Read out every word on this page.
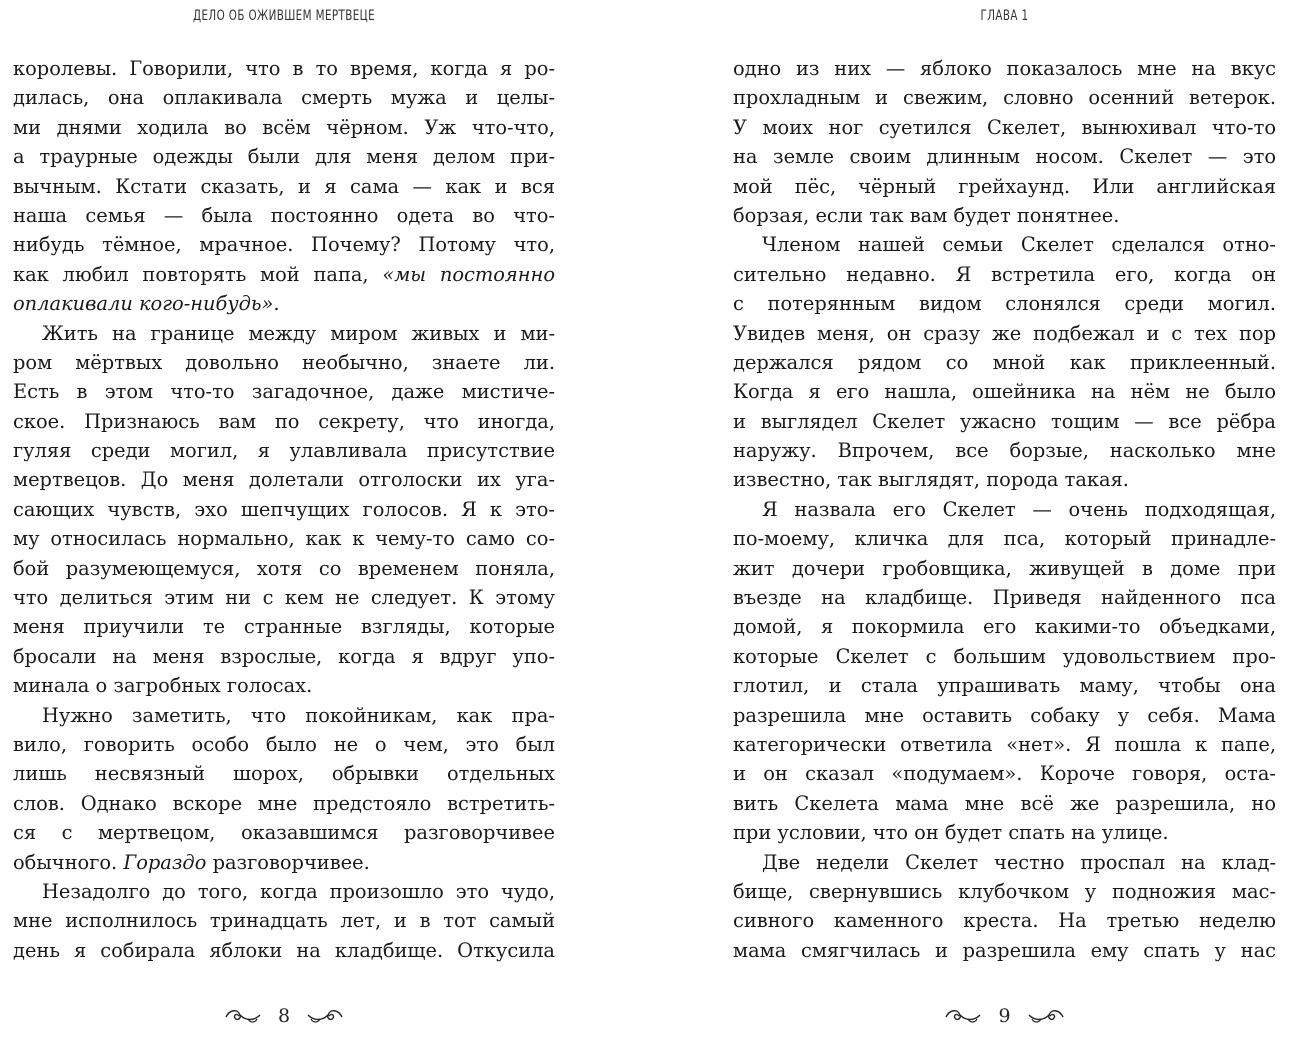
ДЕЛО ОБ ОЖИВШЕМ МЕРТВЕЦЕ
королевы. Говорили, что в то время, когда я ро-
дилась, она оплакивала смерть мужа и целы-
ми днями ходила во всём чёрном. Уж что-что,
а траурные одежды были для меня делом при-
вычным. Кстати сказать, и я сама — как и вся
наша семья — была постоянно одета во что-
нибудь тёмное, мрачное. Почему? Потому что,
как любил повторять мой папа, «мы постоянно
оплакивали кого-нибудь».
Жить на границе между миром живых и ми-
ром мёртвых довольно необычно, знаете ли.
Есть в этом что-то загадочное, даже мистиче-
ское. Признаюсь вам по секрету, что иногда,
гуляя среди могил, я улавливала присутствие
мертвецов. До меня долетали отголоски их уга-
сающих чувств, эхо шепчущих голосов. Я к это-
му относилась нормально, как к чему-то само со-
бой разумеющемуся, хотя со временем поняла,
что делиться этим ни с кем не следует. К этому
меня приучили те странные взгляды, которые
бросали на меня взрослые, когда я вдруг упо-
минала о загробных голосах.
Нужно заметить, что покойникам, как пра-
вило, говорить особо было не о чем, это был
лишь несвязный шорох, обрывки отдельных
слов. Однако вскоре мне предстояло встретить-
ся с мертвецом, оказавшимся разговорчивее
обычного. Гораздо разговорчивее.
Незадолго до того, когда произошло это чудо,
мне исполнилось тринадцать лет, и в тот самый
день я собирала яблоки на кладбище. Откусила
8
ГЛАВА 1
одно из них — яблоко показалось мне на вкус
прохладным и свежим, словно осенний ветерок.
У моих ног суетился Скелет, вынюхивал что-то
на земле своим длинным носом. Скелет — это
мой пёс, чёрный грейхаунд. Или английская
борзая, если так вам будет понятнее.
Членом нашей семьи Скелет сделался отно-
сительно недавно. Я встретила его, когда он
с потерянным видом слонялся среди могил.
Увидев меня, он сразу же подбежал и с тех пор
держался рядом со мной как приклеенный.
Когда я его нашла, ошейника на нём не было
и выглядел Скелет ужасно тощим — все рёбра
наружу. Впрочем, все борзые, насколько мне
известно, так выглядят, порода такая.
Я назвала его Скелет — очень подходящая,
по-моему, кличка для пса, который принадле-
жит дочери гробовщика, живущей в доме при
въезде на кладбище. Приведя найденного пса
домой, я покормила его какими-то объедками,
которые Скелет с большим удовольствием про-
глотил, и стала упрашивать маму, чтобы она
разрешила мне оставить собаку у себя. Мама
категорически ответила «нет». Я пошла к папе,
и он сказал «подумаем». Короче говоря, оста-
вить Скелета мама мне всё же разрешила, но
при условии, что он будет спать на улице.
Две недели Скелет честно проспал на клад-
бище, свернувшись клубочком у подножия мас-
сивного каменного креста. На третью неделю
мама смягчилась и разрешила ему спать у нас
9
